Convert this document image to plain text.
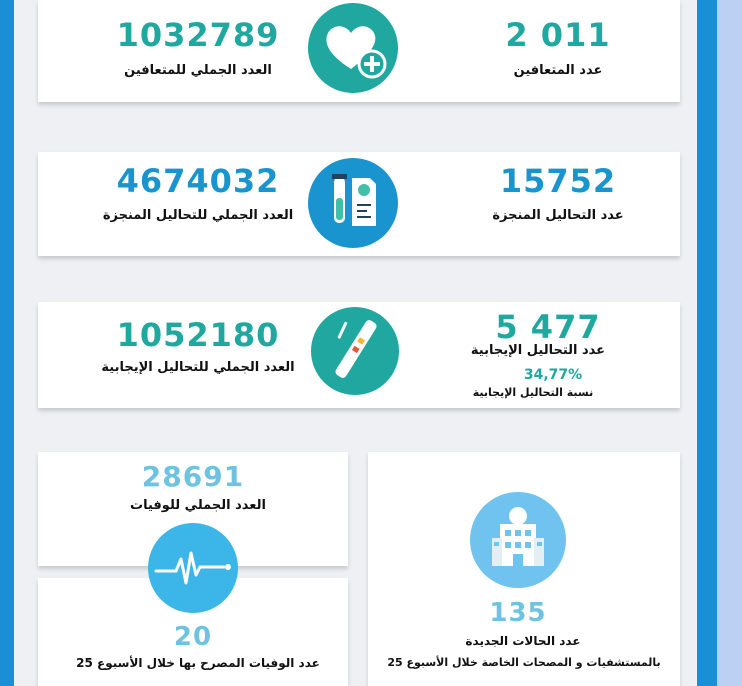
1032789
العدد الجملي للمتعافين
2 011
عدد المتعافين
4674032
العدد الجملي للتحاليل المنجزة
15752
عدد التحاليل المنجزة
1052180
العدد الجملي للتحاليل الإيجابية
5 477
عدد التحاليل الإيجابية
34,77%
نسبة التحاليل الإيجابية
28691
العدد الجملي للوفيات
20
عدد الوفيات المصرح بها خلال الأسبوع 25
135
عدد الحالات الجديدة
بالمستشفيات و المصحات الخاصة خلال الأسبوع 25
